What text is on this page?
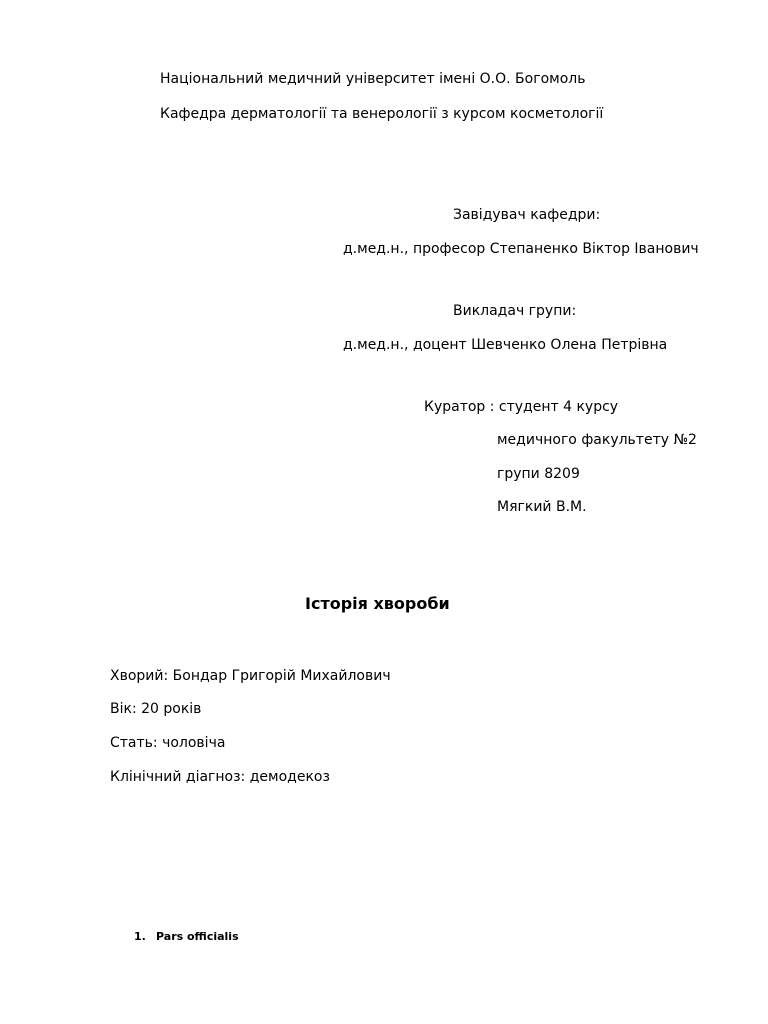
Національний медичний університет імені О.О. Богомоль
Кафедра дерматології та венерології з курсом косметології
Завідувач кафедри:
д.мед.н., професор Степаненко Віктор Іванович
Викладач групи:
д.мед.н., доцент Шевченко Олена Петрівна
Куратор : студент 4 курсу
медичного факультету №2
групи 8209
Мягкий В.М.
Історія хвороби
Хворий: Бондар Григорій Михайлович
Вік: 20 років
Стать: чоловіча
Клінічний діагноз: демодекоз
1. Pars officialis
